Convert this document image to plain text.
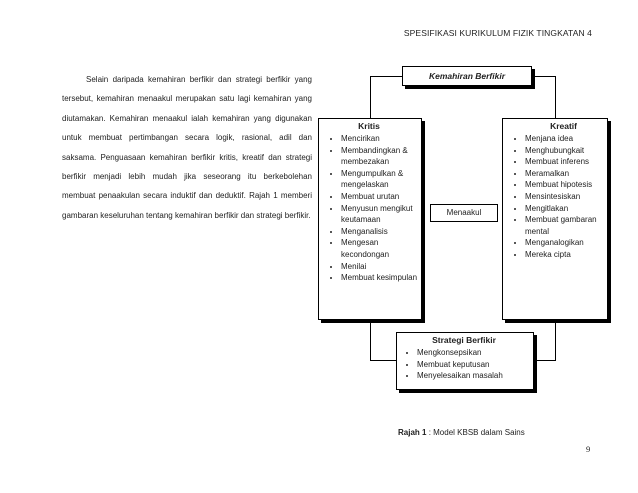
SPESIFIKASI KURIKULUM FIZIK TINGKATAN 4

Selain daripada kemahiran berfikir dan strategi berfikir yang tersebut, kemahiran menaakul merupakan satu lagi kemahiran yang diutamakan. Kemahiran menaakul ialah kemahiran yang digunakan untuk membuat pertimbangan secara logik, rasional, adil dan saksama. Penguasaan kemahiran berfikir kritis, kreatif dan strategi berfikir menjadi lebih mudah jika seseorang itu berkebolehan membuat penaakulan secara induktif dan deduktif. Rajah 1 memberi gambaran keseluruhan tentang kemahiran berfikir dan strategi berfikir.

Kemahiran Berfikir
Kritis
• Mencirikan
• Membandingkan & membezakan
• Mengumpulkan & mengelaskan
• Membuat urutan
• Menyusun mengikut keutamaan
• Menganalisis
• Mengesan kecondongan
• Menilai
• Membuat kesimpulan
Menaakul
Kreatif
• Menjana idea
• Menghubungkait
• Membuat inferens
• Meramalkan
• Membuat hipotesis
• Mensintesiskan
• Mengitlakan
• Membuat gambaran mental
• Menganalogikan
• Mereka cipta
Strategi Berfikir
• Mengkonsepsikan
• Membuat keputusan
• Menyelesaikan masalah
Rajah 1 : Model KBSB dalam Sains
9
